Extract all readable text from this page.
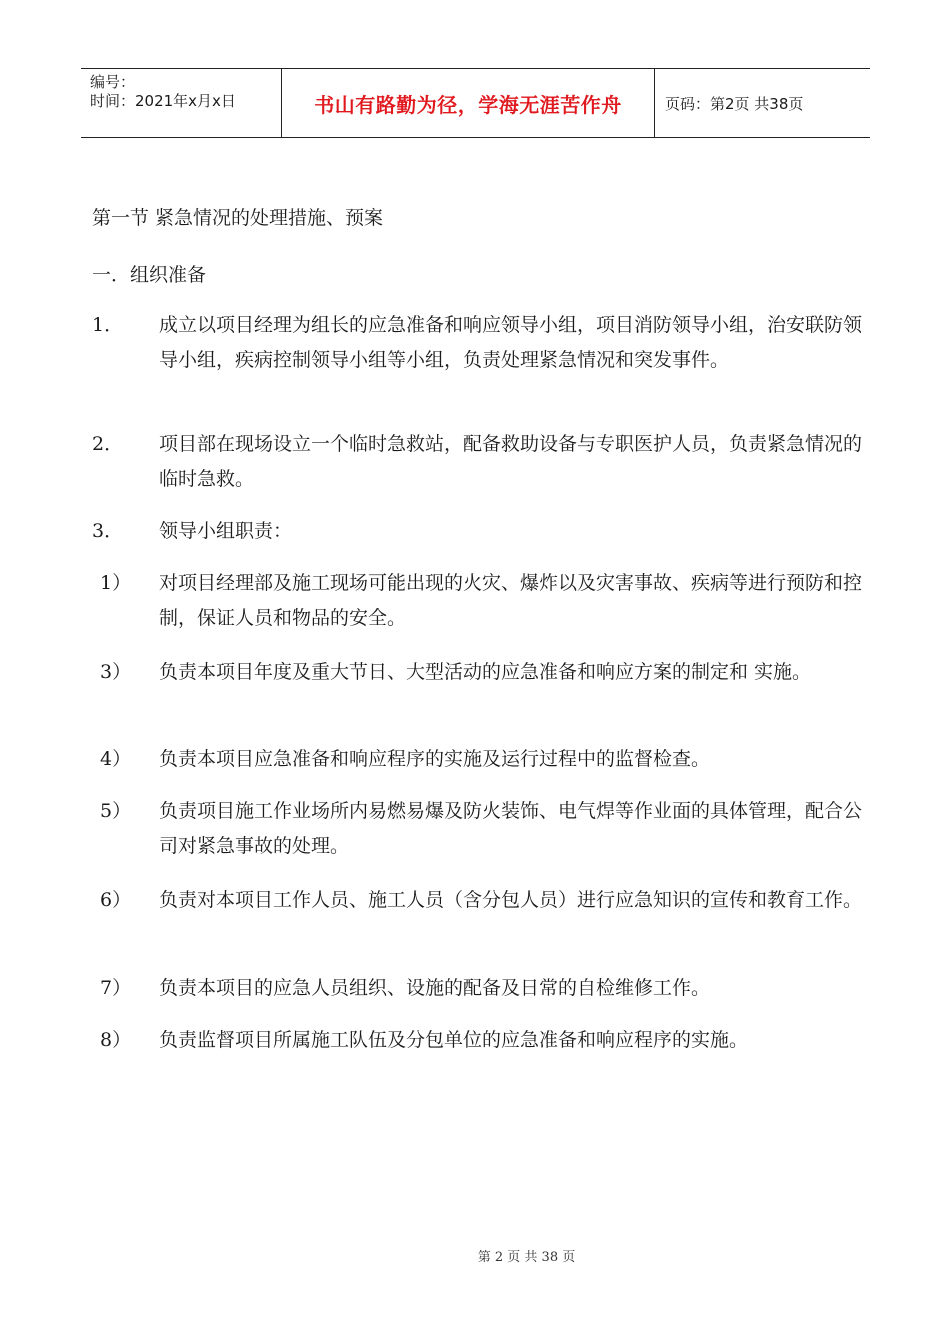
编号：
时间：2021年x月x日	书山有路勤为径，学海无涯苦作舟	页码：第2页 共38页
第一节 紧急情况的处理措施、预案
一．组织准备
1．	成立以项目经理为组长的应急准备和响应领导小组，项目消防领导小组，治安联防领导小组，疾病控制领导小组等小组，负责处理紧急情况和突发事件。
2．	项目部在现场设立一个临时急救站，配备救助设备与专职医护人员，负责紧急情况的临时急救。
3．	领导小组职责：
1）	对项目经理部及施工现场可能出现的火灾、爆炸以及灾害事故、疾病等进行预防和控制，保证人员和物品的安全。
3）	负责本项目年度及重大节日、大型活动的应急准备和响应方案的制定和 实施。
4）	负责本项目应急准备和响应程序的实施及运行过程中的监督检查。
5）	负责项目施工作业场所内易燃易爆及防火装饰、电气焊等作业面的具体管理，配合公司对紧急事故的处理。
6）	负责对本项目工作人员、施工人员（含分包人员）进行应急知识的宣传和教育工作。
7）	负责本项目的应急人员组织、设施的配备及日常的自检维修工作。
8）	负责监督项目所属施工队伍及分包单位的应急准备和响应程序的实施。
第 2 页 共 38 页
